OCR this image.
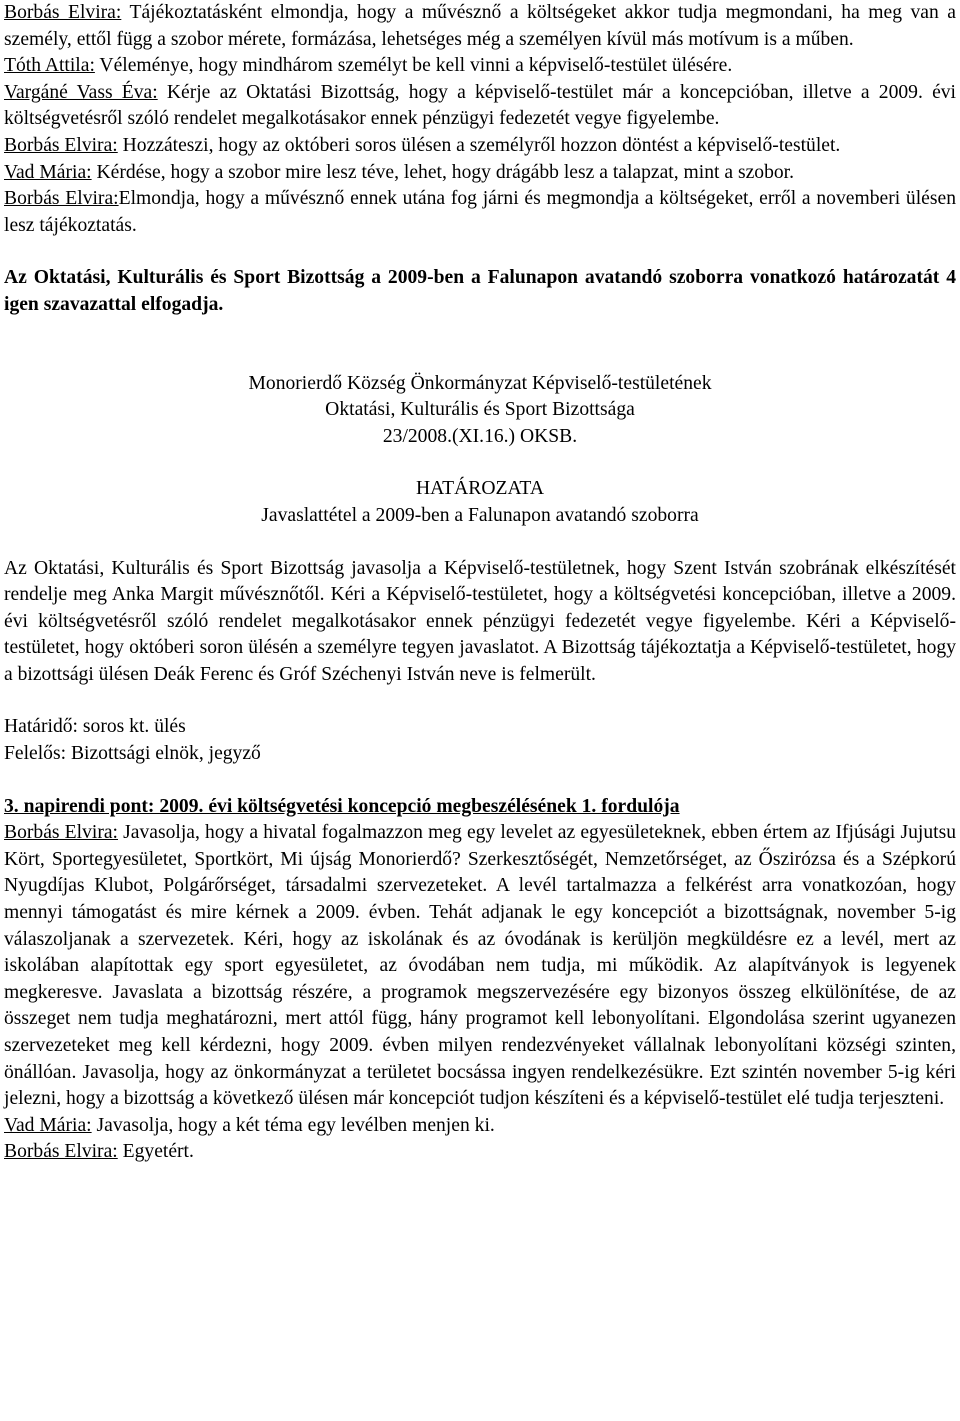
Borbás Elvira: Tájékoztatásként elmondja, hogy a művésznő a költségeket akkor tudja megmondani, ha meg van a személy, ettől függ a szobor mérete, formázása, lehetséges még a személyen kívül más motívum is a műben.

Tóth Attila: Véleménye, hogy mindhárom személyt be kell vinni a képviselő-testület ülésére.

Vargáné Vass Éva: Kérje az Oktatási Bizottság, hogy a képviselő-testület már a koncepcióban, illetve a 2009. évi költségvetésről szóló rendelet megalkotásakor ennek pénzügyi fedezetét vegye figyelembe.

Borbás Elvira: Hozzáteszi, hogy az októberi soros ülésen a személyről hozzon döntést a képviselő-testület.

Vad Mária: Kérdése, hogy a szobor mire lesz téve, lehet, hogy drágább lesz a talapzat, mint a szobor.

Borbás Elvira:Elmondja, hogy a művésznő ennek utána fog járni és megmondja a költségeket, erről a novemberi ülésen lesz tájékoztatás.

Az Oktatási, Kulturális és Sport Bizottság a 2009-ben a Falunapon avatandó szoborra vonatkozó határozatát 4 igen szavazattal elfogadja.

Monorierdő Község Önkormányzat Képviselő-testületének

Oktatási, Kulturális és Sport Bizottsága

23/2008.(XI.16.) OKSB.

HATÁROZATA

Javaslattétel a 2009-ben a Falunapon avatandó szoborra

Az Oktatási, Kulturális és Sport Bizottság javasolja a Képviselő-testületnek, hogy Szent István szobrának elkészítését rendelje meg Anka Margit művésznőtől. Kéri a Képviselő-testületet, hogy a költségvetési koncepcióban, illetve a 2009. évi költségvetésről szóló rendelet megalkotásakor ennek pénzügyi fedezetét vegye figyelembe. Kéri a Képviselő-testületet, hogy októberi soron ülésén a személyre tegyen javaslatot. A Bizottság tájékoztatja a Képviselő-testületet, hogy a bizottsági ülésen Deák Ferenc és Gróf Széchenyi István neve is felmerült.

Határidő: soros kt. ülés

Felelős: Bizottsági elnök, jegyző

3. napirendi pont: 2009. évi költségvetési koncepció megbeszélésének 1. fordulója

Borbás Elvira: Javasolja, hogy a hivatal fogalmazzon meg egy levelet az egyesületeknek, ebben értem az Ifjúsági Jujutsu Kört, Sportegyesületet, Sportkört, Mi újság Monorierdő? Szerkesztőségét, Nemzetőrséget, az Őszirózsa és a Szépkorú Nyugdíjas Klubot, Polgárőrséget, társadalmi szervezeteket. A levél tartalmazza a felkérést arra vonatkozóan, hogy mennyi támogatást és mire kérnek a 2009. évben. Tehát adjanak le egy koncepciót a bizottságnak, november 5-ig válaszoljanak a szervezetek. Kéri, hogy az iskolának és az óvodának is kerüljön megküldésre ez a levél, mert az iskolában alapítottak egy sport egyesületet, az óvodában nem tudja, mi működik. Az alapítványok is legyenek megkeresve. Javaslata a bizottság részére, a programok megszervezésére egy bizonyos összeg elkülönítése, de az összeget nem tudja meghatározni, mert attól függ, hány programot kell lebonyolítani. Elgondolása szerint ugyanezen szervezeteket meg kell kérdezni, hogy 2009. évben milyen rendezvényeket vállalnak lebonyolítani községi szinten, önállóan. Javasolja, hogy az önkormányzat a területet bocsássa ingyen rendelkezésükre. Ezt szintén november 5-ig kéri jelezni, hogy a bizottság a következő ülésen már koncepciót tudjon készíteni és a képviselő-testület elé tudja terjeszteni.

Vad Mária: Javasolja, hogy a két téma egy levélben menjen ki.

Borbás Elvira: Egyetért.
